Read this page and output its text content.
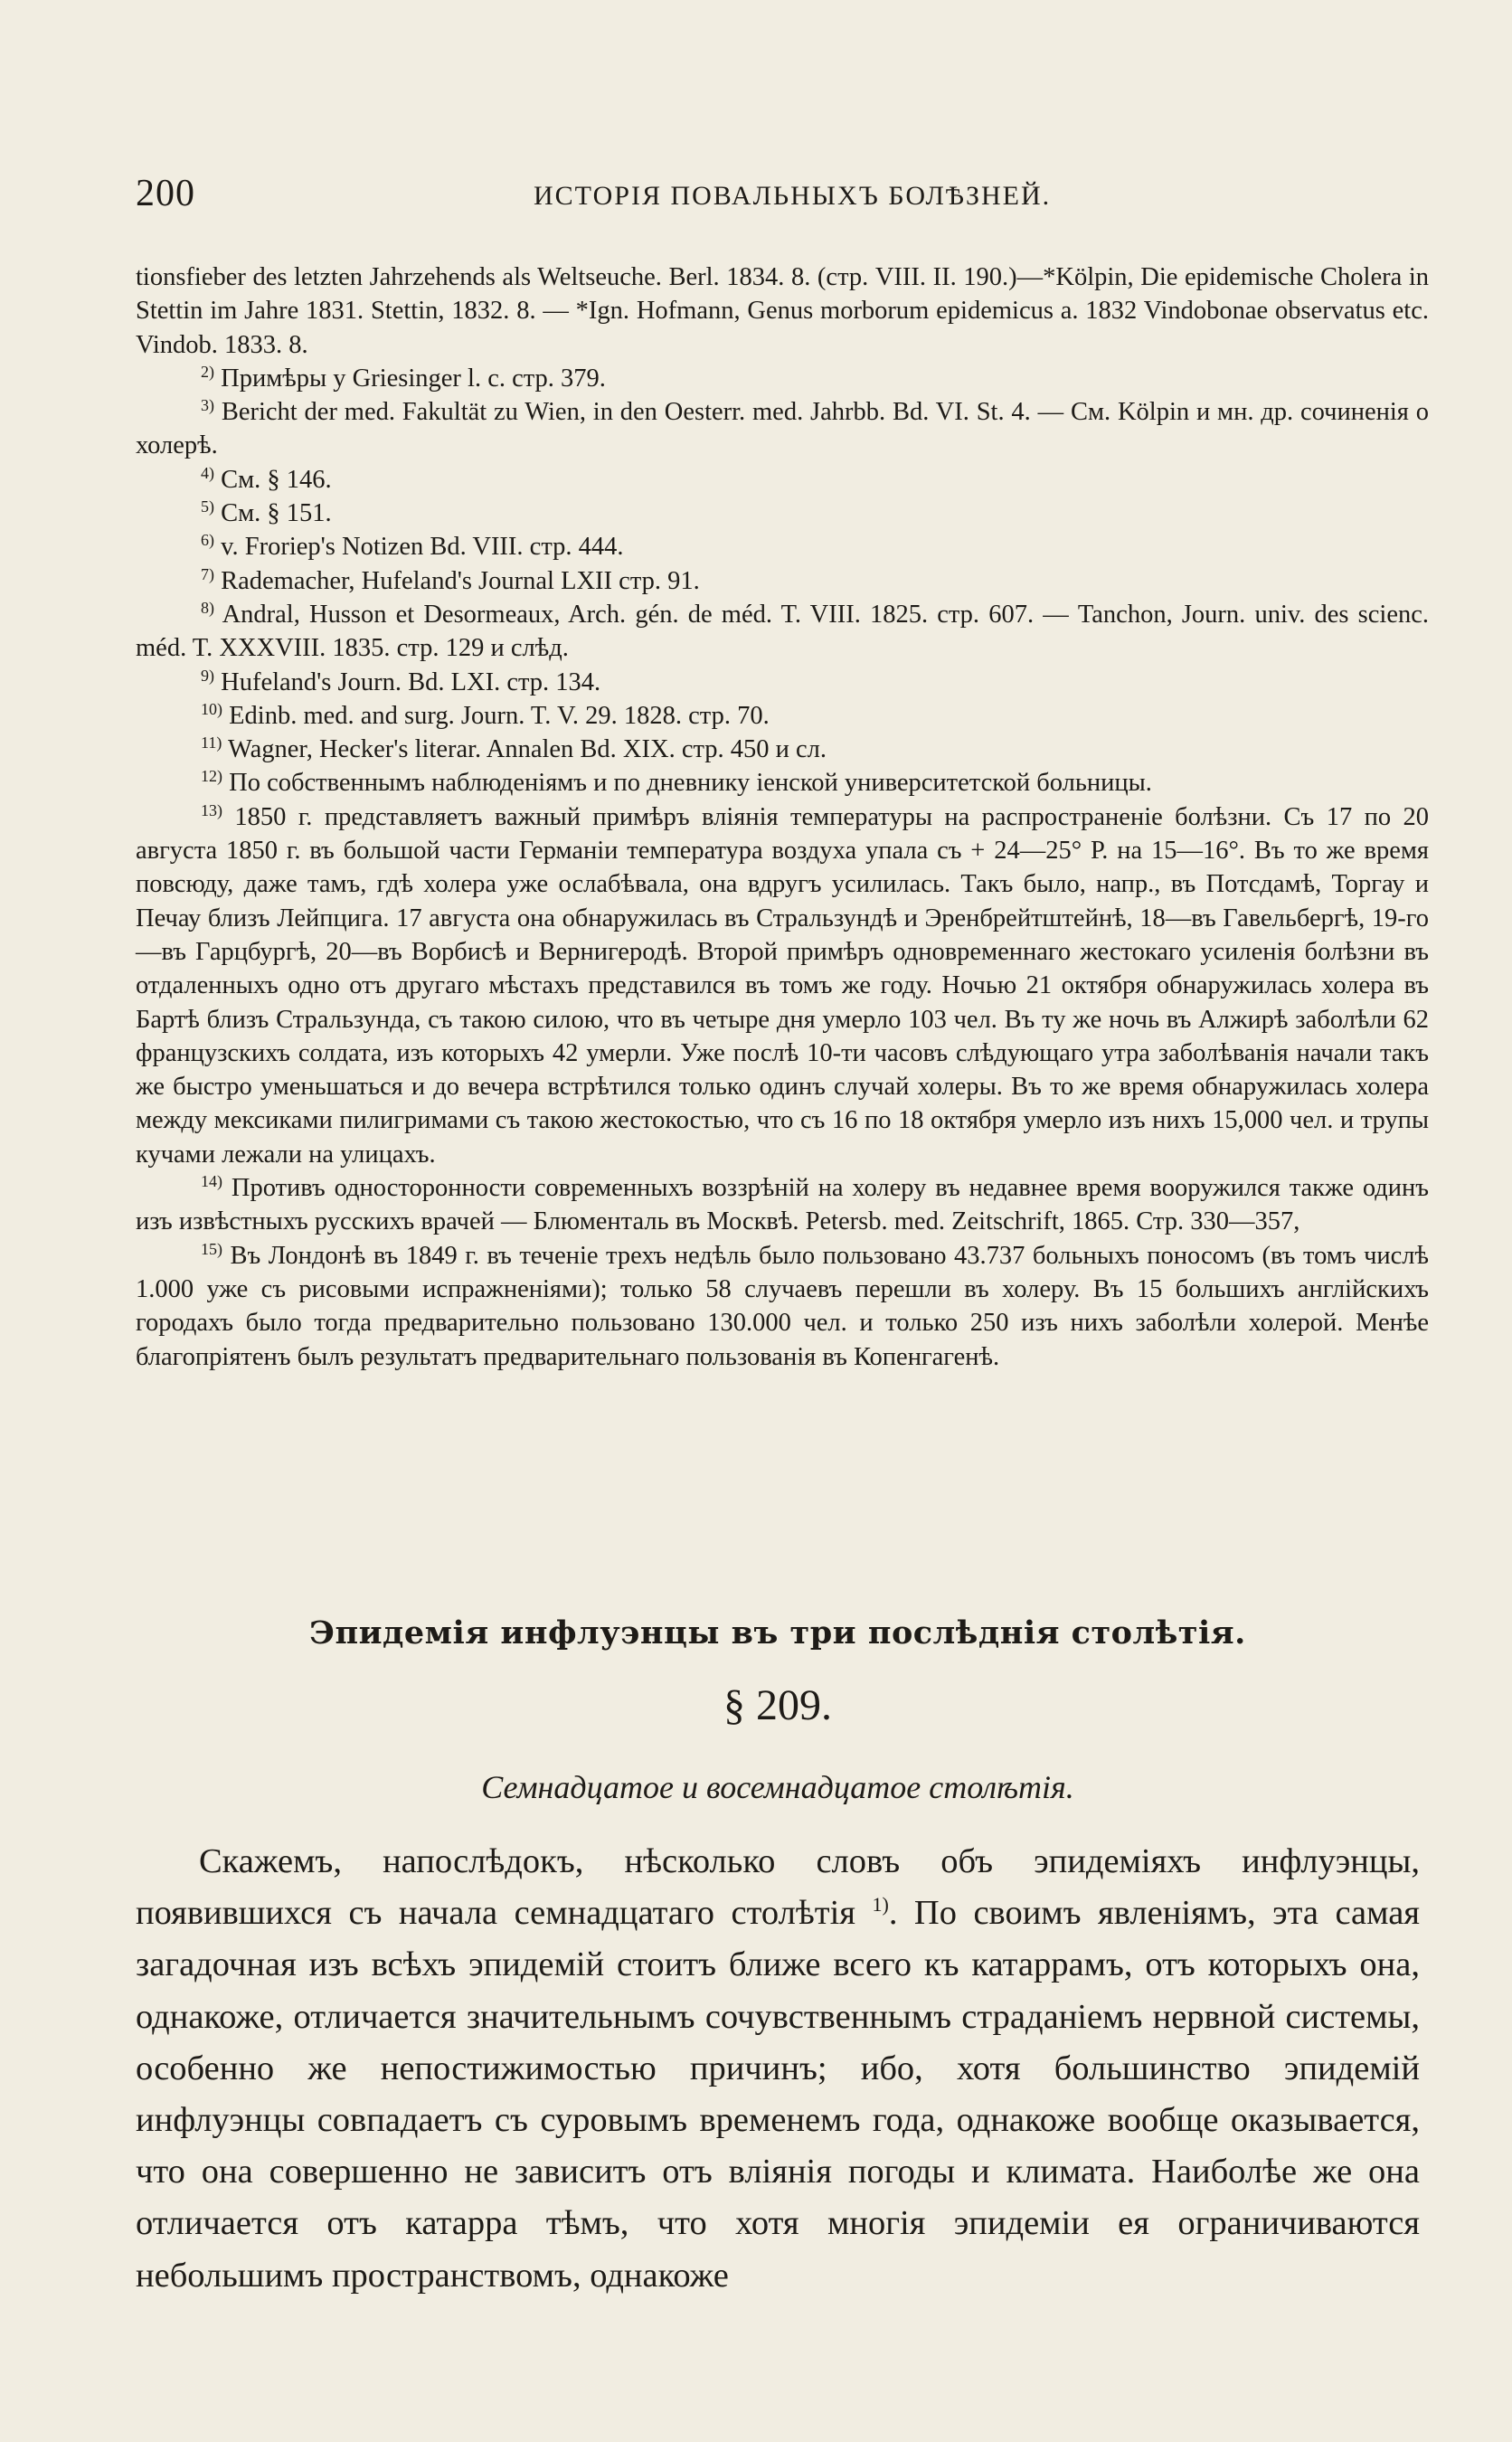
200	ИСТОРІЯ ПОВАЛЬНЫХЪ БОЛѢЗНЕЙ.

tionsfieber des letzten Jahrzehends als Weltseuche. Berl. 1834. 8. (стр. VIII. II. 190.)—*Kölpin, Die epidemische Cholera in Stettin im Jahre 1831. Stettin, 1832. 8. — *Ign. Hofmann, Genus morborum epidemicus a. 1832 Vindobonae observatus etc. Vindob. 1833. 8.

$^{2)}$ Примѣры у Griesinger l. c. стр. 379.

$^{3)}$ Bericht der med. Fakultät zu Wien, in den Oesterr. med. Jahrbb. Bd. VI. St. 4. — См. Kölpin и мн. др. сочиненія о холерѣ.

$^{4)}$ См. § 146.

$^{5)}$ См. § 151.

$^{6)}$ v. Froriep's Notizen Bd. VIII. стр. 444.

$^{7)}$ Rademacher, Hufeland's Journal LXII стр. 91.

$^{8)}$ Andral, Husson et Desormeaux, Arch. gén. de méd. T. VIII. 1825. стр. 607. — Tanchon, Journ. univ. des scienc. méd. T. XXXVIII. 1835. стр. 129 и слѣд.

$^{9)}$ Hufeland's Journ. Bd. LXI. стр. 134.

$^{10)}$ Edinb. med. and surg. Journ. T. V. 29. 1828. стр. 70.

$^{11)}$ Wagner, Hecker's literar. Annalen Bd. XIX. стр. 450 и сл.

$^{12)}$ По собственнымъ наблюденіямъ и по дневнику іенской университетской больницы.

$^{13)}$ 1850 г. представляетъ важный примѣръ вліянія температуры на распространеніе болѣзни. Съ 17 по 20 августа 1850 г. въ большой части Германіи температура воздуха упала съ + 24—25° Р. на 15—16°. Въ то же время повсюду, даже тамъ, гдѣ холера уже ослабѣвала, она вдругъ усилилась. Такъ было, напр., въ Потсдамѣ, Торгау и Печау близъ Лейпцига. 17 августа она обнаружилась въ Стральзундѣ и Эренбрейтштейнѣ, 18—въ Гавельбергѣ, 19-го—въ Гарцбургѣ, 20—въ Ворбисѣ и Вернигеродѣ. Второй примѣръ одновременнаго жестокаго усиленія болѣзни въ отдаленныхъ одно отъ другаго мѣстахъ представился въ томъ же году. Ночью 21 октября обнаружилась холера въ Бартѣ близъ Стральзунда, съ такою силою, что въ четыре дня умерло 103 чел. Въ ту же ночь въ Алжирѣ заболѣли 62 французскихъ солдата, изъ которыхъ 42 умерли. Уже послѣ 10-ти часовъ слѣдующаго утра заболѣванія начали такъ же быстро уменьшаться и до вечера встрѣтился только одинъ случай холеры. Въ то же время обнаружилась холера между мексиками пилигримами съ такою жестокостью, что съ 16 по 18 октября умерло изъ нихъ 15,000 чел. и трупы кучами лежали на улицахъ.

$^{14)}$ Противъ односторонности современныхъ воззрѣній на холеру въ недавнее время вооружился также одинъ изъ извѣстныхъ русскихъ врачей — Блюменталь въ Москвѣ. Petersb. med. Zeitschrift, 1865. Стр. 330—357,

$^{15)}$ Въ Лондонѣ въ 1849 г. въ теченіе трехъ недѣль было пользовано 43.737 больныхъ поносомъ (въ томъ числѣ 1.000 уже съ рисовыми испражненіями); только 58 случаевъ перешли въ холеру. Въ 15 большихъ англійскихъ городахъ было тогда предварительно пользовано 130.000 чел. и только 250 изъ нихъ заболѣли холерой. Менѣе благопріятенъ былъ результатъ предварительнаго пользованія въ Копенгагенѣ.

Эпидемія инфлуэнцы въ три послѣднія столѣтія.
§ 209.
Семнадцатое и восемнадцатое столѣтія.

Скажемъ, напослѣдокъ, нѣсколько словъ объ эпидеміяхъ инфлуэнцы, появившихся съ начала семнадцатаго столѣтія $^{1)}$. По своимъ явленіямъ, эта самая загадочная изъ всѣхъ эпидемій стоитъ ближе всего къ катаррамъ, отъ которыхъ она, однакоже, отличается значительнымъ сочувственнымъ страданіемъ нервной системы, особенно же непостижимостью причинъ; ибо, хотя большинство эпидемій инфлуэнцы совпадаетъ съ суровымъ временемъ года, однакоже вообще оказывается, что она совершенно не зависитъ отъ вліянія погоды и климата. Наиболѣе же она отличается отъ катарра тѣмъ, что хотя многія эпидеміи ея ограничиваются небольшимъ пространствомъ, однакоже
